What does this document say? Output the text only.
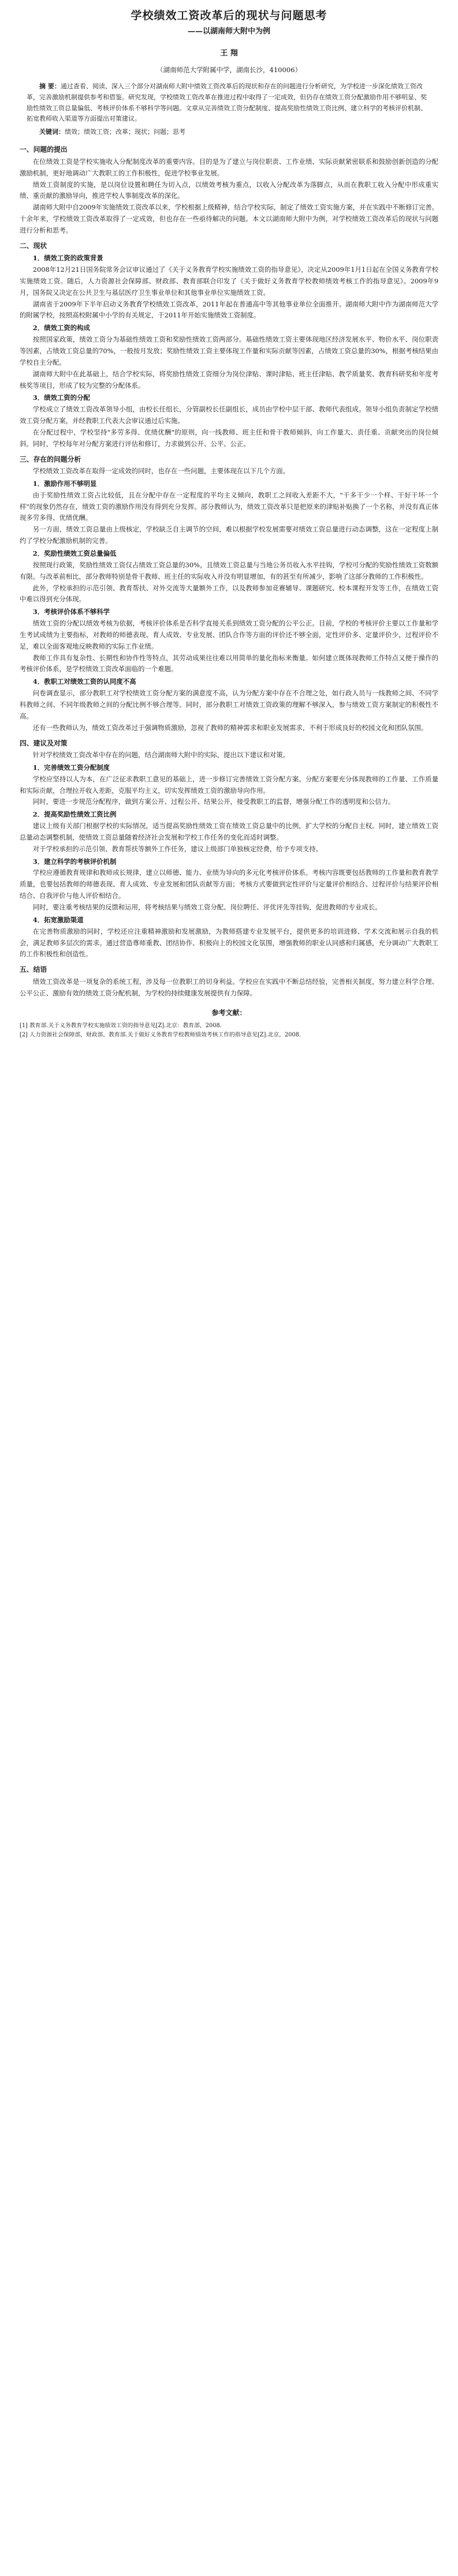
学校绩效工资改革后的现状与问题思考
——以湖南师大附中为例
王 翔
（湖南师范大学附属中学，湖南长沙，410006）

摘 要：通过查看、阅读、深入三个部分对湖南师大附中绩效工资改革后的现状和存在的问题进行分析研究，为学校进一步深化绩效工资改革，完善激励机制提供参考和借鉴。研究发现，学校绩效工资改革在推进过程中取得了一定成效，但仍存在绩效工资分配激励作用不够明显、奖励性绩效工资总量偏低、考核评价体系不够科学等问题。文章从完善绩效工资分配制度、提高奖励性绩效工资比例、建立科学的考核评价机制、拓宽教师收入渠道等方面提出对策建议。

关键词：绩效；绩效工资；改革；现状；问题；思考

一、问题的提出

在位绩效工资是学校实施收入分配制度改革的重要内容。目的是为了建立与岗位职责、工作业绩、实际贡献紧密联系和鼓励创新创造的分配激励机制，更好地调动广大教职工的工作积极性，促进学校事业发展。

绩效工资制度的实施，是以岗位设置和聘任为切入点，以绩效考核为重点，以收入分配改革为落脚点，从而在教职工收入分配中形成重实绩、重贡献的激励导向，推进学校人事制度改革的深化。

湖南师大附中自2009年实施绩效工资改革以来，学校根据上级精神，结合学校实际，制定了绩效工资实施方案，并在实践中不断修订完善。十余年来，学校绩效工资改革取得了一定成效，但也存在一些亟待解决的问题。本文以湖南师大附中为例，对学校绩效工资改革后的现状与问题进行分析和思考。

二、现状
1．绩效工资的政策背景

2008年12月21日国务院常务会议审议通过了《关于义务教育学校实施绩效工资的指导意见》，决定从2009年1月1日起在全国义务教育学校实施绩效工资。随后，人力资源社会保障部、财政部、教育部联合印发了《关于做好义务教育学校教师绩效考核工作的指导意见》。2009年9月，国务院又决定在公共卫生与基层医疗卫生事业单位和其他事业单位实施绩效工资。

湖南省于2009年下半年启动义务教育学校绩效工资改革，2011年起在普通高中等其他事业单位全面推开。湖南师大附中作为湖南师范大学的附属学校，按照高校附属中小学的有关规定，于2011年开始实施绩效工资制度。

2．绩效工资的构成

按照国家政策，绩效工资分为基础性绩效工资和奖励性绩效工资两部分。基础性绩效工资主要体现地区经济发展水平、物价水平、岗位职责等因素，占绩效工资总量的70%，一般按月发放；奖励性绩效工资主要体现工作量和实际贡献等因素，占绩效工资总量的30%，根据考核结果由学校自主分配。

湖南师大附中在此基础上，结合学校实际，将奖励性绩效工资细分为岗位津贴、课时津贴、班主任津贴、教学质量奖、教育科研奖和年度考核奖等项目，形成了较为完整的分配体系。

3．绩效工资的分配

学校成立了绩效工资改革领导小组，由校长任组长，分管副校长任副组长，成员由学校中层干部、教师代表组成。领导小组负责制定学校绩效工资分配方案，并经教职工代表大会审议通过后实施。

在分配过程中，学校坚持"多劳多得、优绩优酬"的原则，向一线教师、班主任和骨干教师倾斜，向工作量大、责任重、贡献突出的岗位倾斜。同时，学校每年对分配方案进行评估和修订，力求做到公开、公平、公正。

三、存在的问题分析

学校绩效工资改革在取得一定成效的同时，也存在一些问题，主要体现在以下几个方面。

1．激励作用不够明显

由于奖励性绩效工资占比较低，且在分配中存在一定程度的平均主义倾向，教职工之间收入差距不大，"干多干少一个样、干好干坏一个样"的现象仍然存在，绩效工资的激励作用没有得到充分发挥。部分教师认为，绩效工资改革只是把原来的津贴补贴换了一个名称，并没有真正体现多劳多得、优绩优酬。

另一方面，绩效工资总量由上级核定，学校缺乏自主调节的空间，难以根据学校发展需要对绩效工资总量进行动态调整，这在一定程度上制约了学校分配激励机制的完善。

2．奖励性绩效工资总量偏低

按照现行政策，奖励性绩效工资仅占绩效工资总量的30%，且绩效工资总量与当地公务员收入水平挂钩，学校可分配的奖励性绩效工资数额有限。与改革前相比，部分教师特别是骨干教师、班主任的实际收入并没有明显增加，有的甚至有所减少，影响了这部分教师的工作积极性。

此外，学校承担的示范引领、教育帮扶、对外交流等大量额外工作，以及教师参加竞赛辅导、课题研究、校本课程开发等工作，在绩效工资中难以得到充分体现。

3．考核评价体系不够科学

绩效工资的分配以绩效考核为依据，考核评价体系是否科学直接关系到绩效工资分配的公平公正。目前，学校的考核评价主要以工作量和学生考试成绩为主要指标，对教师的师德表现、育人成效、专业发展、团队合作等方面的评价还不够全面，定性评价多、定量评价少，过程评价不足，难以全面客观地反映教师的实际工作业绩。

教师工作具有复杂性、长期性和协作性等特点，其劳动成果往往难以用简单的量化指标来衡量。如何建立既体现教师工作特点又便于操作的考核评价体系，是学校绩效工资改革面临的一个难题。

4．教职工对绩效工资的认同度不高

问卷调查显示，部分教职工对学校绩效工资分配方案的满意度不高，认为分配方案中存在不合理之处，如行政人员与一线教师之间、不同学科教师之间、不同年级教师之间的分配比例不够合理等。同时，部分教职工对绩效工资政策的理解不够深入，参与绩效工资方案制定的积极性不高。

还有一些教师认为，绩效工资改革过于强调物质激励，忽视了教师的精神需求和职业发展需求，不利于形成良好的校园文化和团队氛围。

四、建议及对策

针对学校绩效工资改革中存在的问题，结合湖南师大附中的实际，提出以下建议和对策。

1．完善绩效工资分配制度

学校应坚持以人为本，在广泛征求教职工意见的基础上，进一步修订完善绩效工资分配方案。分配方案要充分体现教师的工作量、工作质量和实际贡献，合理拉开收入差距，克服平均主义，切实发挥绩效工资的激励导向作用。

同时，要进一步规范分配程序，做到方案公开、过程公开、结果公开，接受教职工的监督，增强分配工作的透明度和公信力。

2．提高奖励性绩效工资比例

建议上级有关部门根据学校的实际情况，适当提高奖励性绩效工资在绩效工资总量中的比例，扩大学校的分配自主权。同时，建立绩效工资总量动态调整机制，使绩效工资总量随着经济社会发展和学校工作任务的变化而适时调整。

对于学校承担的示范引领、教育帮扶等额外工作任务，建议上级部门单独核定经费，给予专项支持。

3．建立科学的考核评价机制

学校应遵循教育规律和教师成长规律，建立以师德、能力、业绩为导向的多元化考核评价体系。考核内容既要包括教师的工作量和教育教学质量，也要包括教师的师德表现、育人成效、专业发展和团队贡献等方面；考核方式要做到定性评价与定量评价相结合、过程评价与结果评价相结合、自我评价与他人评价相结合。

同时，要注重考核结果的反馈和运用，将考核结果与绩效工资分配、岗位聘任、评优评先等挂钩，促进教师的专业成长。

4．拓宽激励渠道

在完善物质激励的同时，学校还应注重精神激励和发展激励，为教师搭建专业发展平台，提供更多的培训进修、学术交流和展示自我的机会，满足教师多层次的需求。通过营造尊师重教、团结协作、积极向上的校园文化氛围，增强教师的职业认同感和归属感，充分调动广大教职工的工作积极性和创造性。

五、结语

绩效工资改革是一项复杂的系统工程，涉及每一位教职工的切身利益。学校应在实践中不断总结经验，完善相关制度，努力建立科学合理、公平公正、激励有效的绩效工资分配机制，为学校的持续健康发展提供有力保障。

参考文献：
[1] 教育部.关于义务教育学校实施绩效工资的指导意见[Z].北京：教育部，2008.
[2] 人力资源社会保障部，财政部，教育部.关于做好义务教育学校教师绩效考核工作的指导意见[Z].北京，2008.
